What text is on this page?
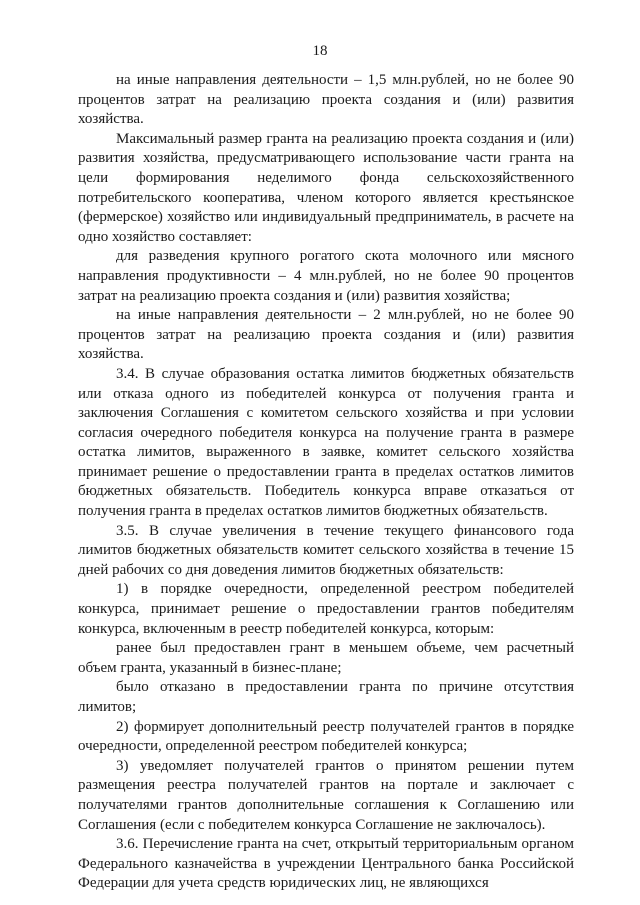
18

на иные направления деятельности – 1,5 млн.рублей, но не более 90 процентов затрат на реализацию проекта создания и (или) развития хозяйства.

Максимальный размер гранта на реализацию проекта создания и (или) развития хозяйства, предусматривающего использование части гранта на цели формирования неделимого фонда сельскохозяйственного потребительского кооператива, членом которого является крестьянское (фермерское) хозяйство или индивидуальный предприниматель, в расчете на одно хозяйство составляет:

для разведения крупного рогатого скота молочного или мясного направления продуктивности – 4 млн.рублей, но не более 90 процентов затрат на реализацию проекта создания и (или) развития хозяйства;

на иные направления деятельности – 2 млн.рублей, но не более 90 процентов затрат на реализацию проекта создания и (или) развития хозяйства.

3.4. В случае образования остатка лимитов бюджетных обязательств или отказа одного из победителей конкурса от получения гранта и заключения Соглашения с комитетом сельского хозяйства и при условии согласия очередного победителя конкурса на получение гранта в размере остатка лимитов, выраженного в заявке, комитет сельского хозяйства принимает решение о предоставлении гранта в пределах остатков лимитов бюджетных обязательств. Победитель конкурса вправе отказаться от получения гранта в пределах остатков лимитов бюджетных обязательств.

3.5. В случае увеличения в течение текущего финансового года лимитов бюджетных обязательств комитет сельского хозяйства в течение 15 дней рабочих со дня доведения лимитов бюджетных обязательств:

1) в порядке очередности, определенной реестром победителей конкурса, принимает решение о предоставлении грантов победителям конкурса, включенным в реестр победителей конкурса, которым:

ранее был предоставлен грант в меньшем объеме, чем расчетный объем гранта, указанный в бизнес-плане;

было отказано в предоставлении гранта по причине отсутствия лимитов;

2) формирует дополнительный реестр получателей грантов в порядке очередности, определенной реестром победителей конкурса;

3) уведомляет получателей грантов о принятом решении путем размещения реестра получателей грантов на портале и заключает с получателями грантов дополнительные соглашения к Соглашению или Соглашения (если с победителем конкурса Соглашение не заключалось).

3.6. Перечисление гранта на счет, открытый территориальным органом Федерального казначейства в учреждении Центрального банка Российской Федерации для учета средств юридических лиц, не являющихся
